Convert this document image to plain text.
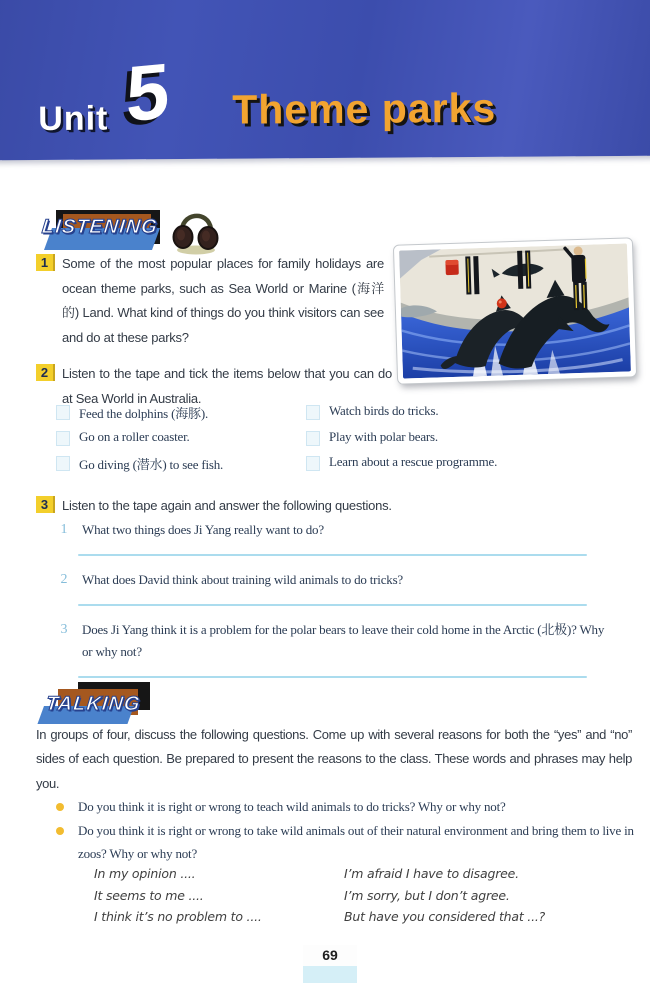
Unit 5 Theme parks
LISTENING
1	Some of the most popular places for family holidays are ocean theme parks, such as Sea World or Marine (海洋的) Land. What kind of things do you think visitors can see and do at these parks?
2	Listen to the tape and tick the items below that you can do at Sea World in Australia.
Feed the dolphins (海豚).
Go on a roller coaster.
Go diving (潜水) to see fish.
Watch birds do tricks.
Play with polar bears.
Learn about a rescue programme.
3	Listen to the tape again and answer the following questions.
1	What two things does Ji Yang really want to do?
2	What does David think about training wild animals to do tricks?
3	Does Ji Yang think it is a problem for the polar bears to leave their cold home in the Arctic (北极)? Why or why not?
TALKING
In groups of four, discuss the following questions. Come up with several reasons for both the “yes” and “no” sides of each question. Be prepared to present the reasons to the class. These words and phrases may help you.
Do you think it is right or wrong to teach wild animals to do tricks? Why or why not?
Do you think it is right or wrong to take wild animals out of their natural environment and bring them to live in zoos? Why or why not?
In my opinion ....
It seems to me ....
I think it’s no problem to ....
I’m afraid I have to disagree.
I’m sorry, but I don’t agree.
But have you considered that ...?
69
